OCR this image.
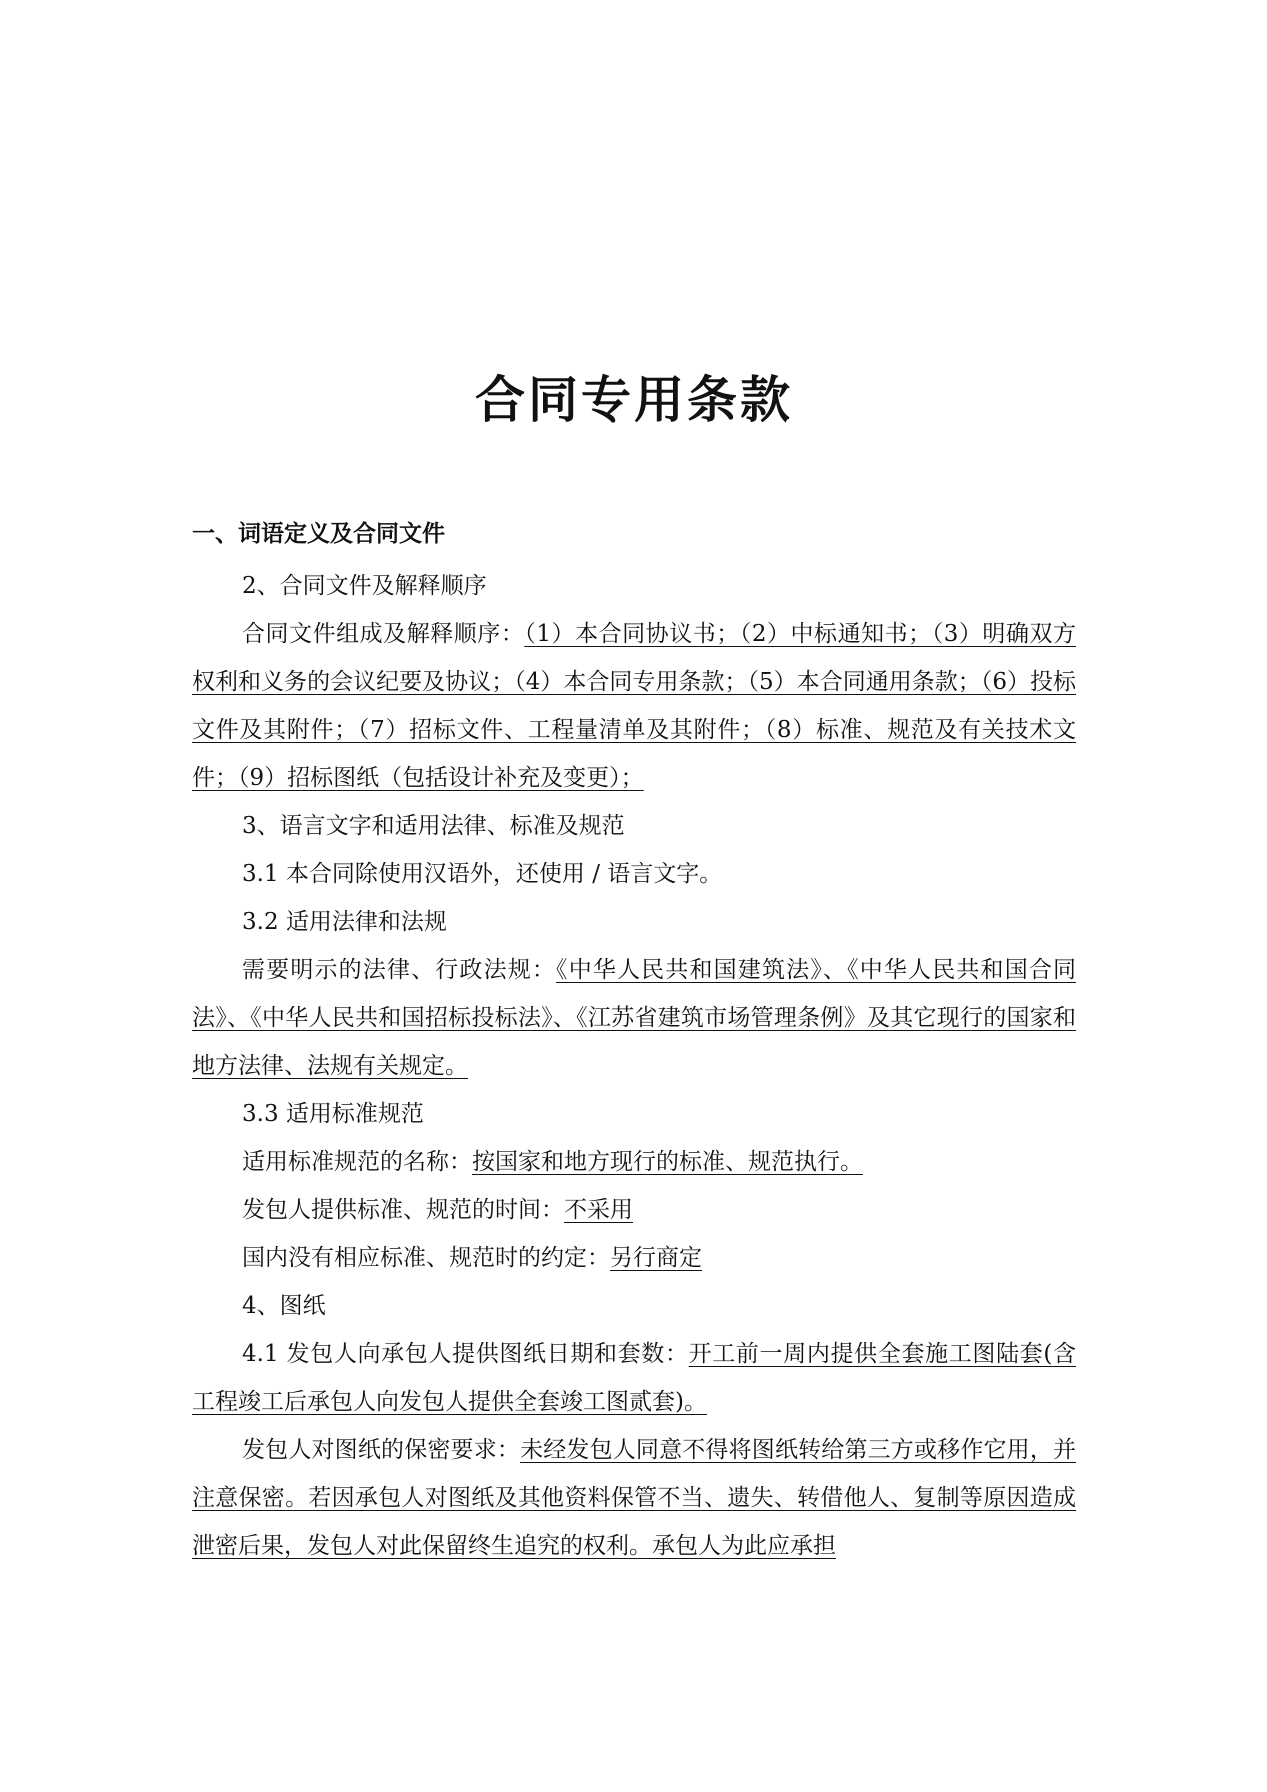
合同专用条款
一、词语定义及合同文件

2、合同文件及解释顺序

合同文件组成及解释顺序：（1）本合同协议书；（2）中标通知书；（3）明确双方权利和义务的会议纪要及协议；（4）本合同专用条款；（5）本合同通用条款；（6）投标文件及其附件；（7）招标文件、工程量清单及其附件；（8）标准、规范及有关技术文件；（9）招标图纸（包括设计补充及变更）；

3、语言文字和适用法律、标准及规范

3.1 本合同除使用汉语外，还使用 / 语言文字。

3.2 适用法律和法规

需要明示的法律、行政法规：《中华人民共和国建筑法》、《中华人民共和国合同法》、《中华人民共和国招标投标法》、《江苏省建筑市场管理条例》及其它现行的国家和地方法律、法规有关规定。

3.3 适用标准规范

适用标准规范的名称：按国家和地方现行的标准、规范执行。

发包人提供标准、规范的时间：不采用

国内没有相应标准、规范时的约定：另行商定

4、图纸

4.1 发包人向承包人提供图纸日期和套数：开工前一周内提供全套施工图陆套(含工程竣工后承包人向发包人提供全套竣工图贰套)。

发包人对图纸的保密要求：未经发包人同意不得将图纸转给第三方或移作它用，并注意保密。若因承包人对图纸及其他资料保管不当、遗失、转借他人、复制等原因造成泄密后果，发包人对此保留终生追究的权利。承包人为此应承担
